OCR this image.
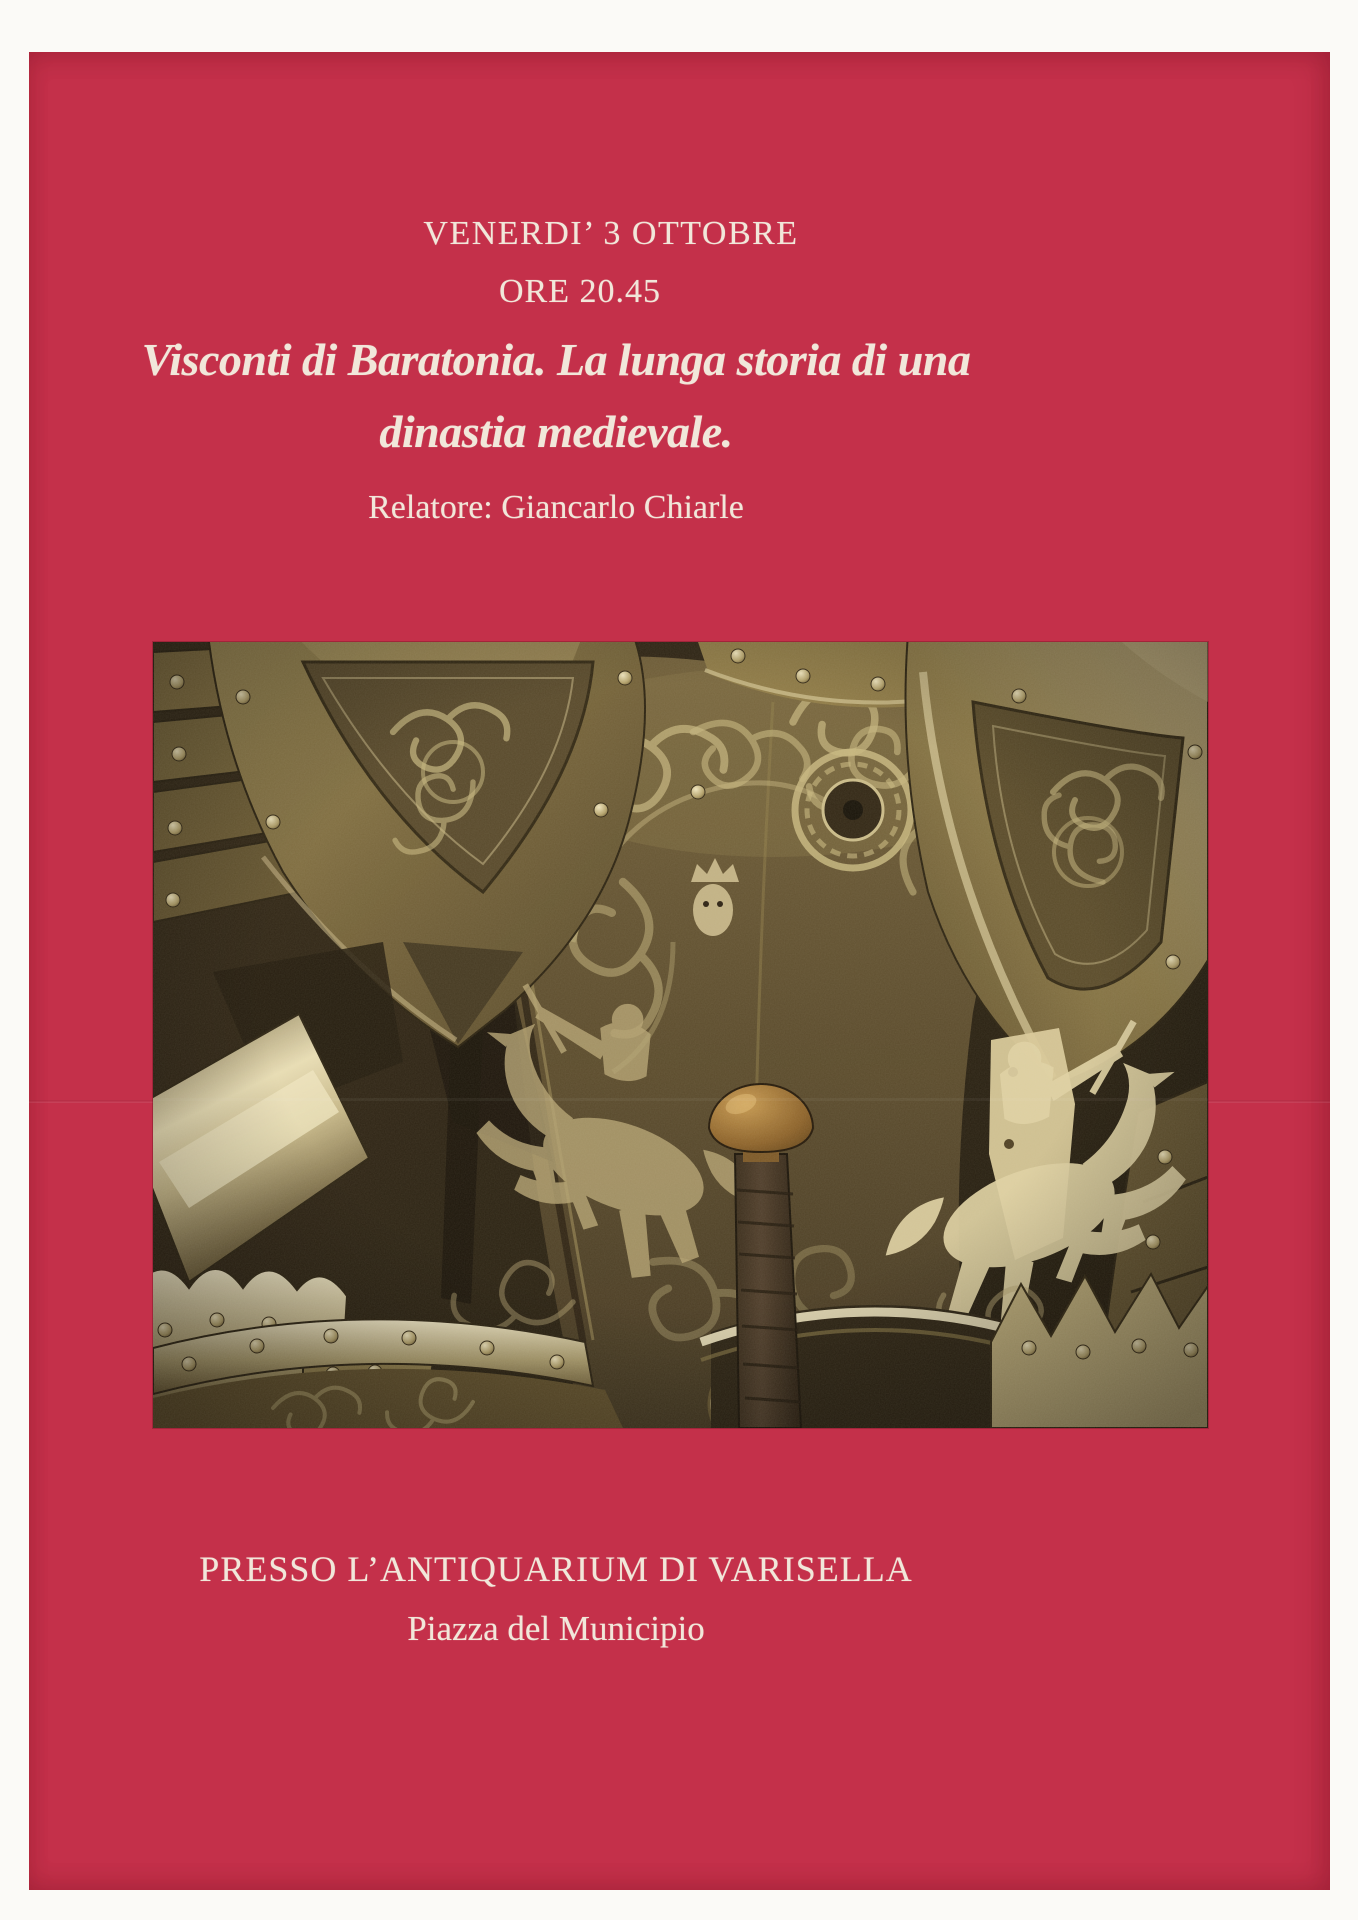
VENERDI’ 3 OTTOBRE
ORE 20.45
Visconti di Baratonia. La lunga storia di una
dinastia medievale.
Relatore: Giancarlo Chiarle
PRESSO L’ANTIQUARIUM DI VARISELLA
Piazza del Municipio
